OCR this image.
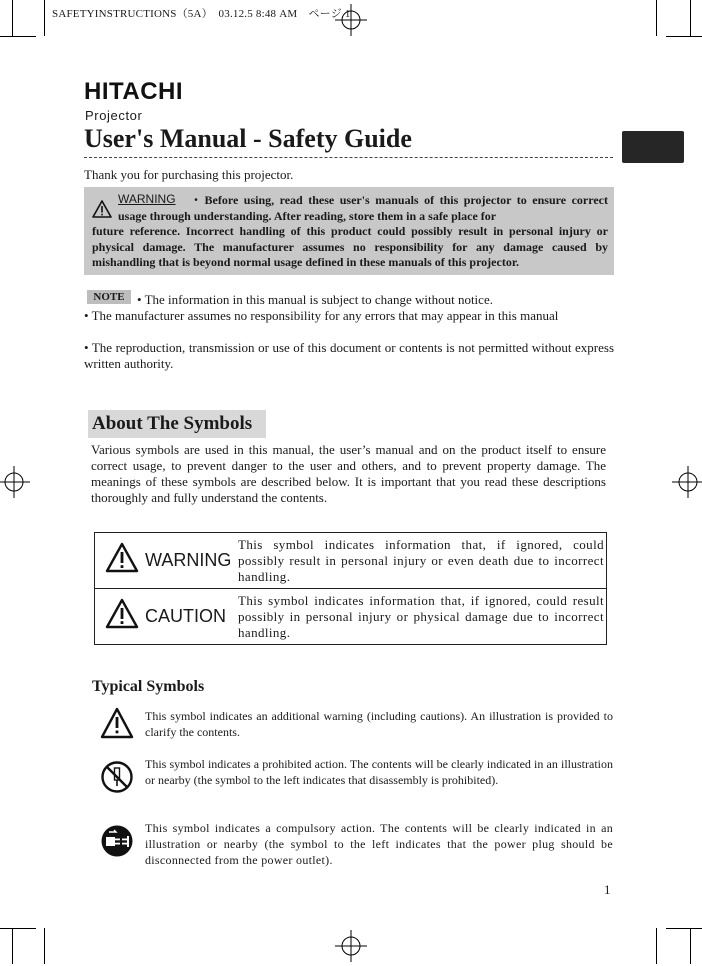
SAFETYINSTRUCTIONS（5A）　03.12.5 8:48 AM　ページ 1
HITACHI
Projector
User's Manual - Safety Guide
Thank you for purchasing this projector.
WARNING	・Before using, read these user's manuals of this projector to ensure correct usage through understanding. After reading, store them in a safe place for
future reference. Incorrect handling of this product could possibly result in personal injury or physical damage. The manufacturer assumes no responsibility for any damage caused by mishandling that is beyond normal usage defined in these manuals of this projector.
NOTE • The information in this manual is subject to change without notice.
• The manufacturer assumes no responsibility for any errors that may appear in this manual
• The reproduction, transmission or use of this document or contents is not permitted without express written authority.
About The Symbols
Various symbols are used in this manual, the user’s manual and on the product itself to ensure correct usage, to prevent danger to the user and others, and to prevent property damage. The meanings of these symbols are described below. It is important that you read these descriptions thoroughly and fully understand the contents.
WARNING	This symbol indicates information that, if ignored, could possibly result in personal injury or even death due to incorrect handling.

CAUTION	This symbol indicates information that, if ignored, could result possibly in personal injury or physical damage due to incorrect handling.
Typical Symbols
This symbol indicates an additional warning (including cautions). An illustration is provided to clarify the contents.
This symbol indicates a prohibited action. The contents will be clearly indicated in an illustration or nearby (the symbol to the left indicates that disassembly is prohibited).
This symbol indicates a compulsory action. The contents will be clearly indicated in an illustration or nearby (the symbol to the left indicates that the power plug should be disconnected from the power outlet).
1
